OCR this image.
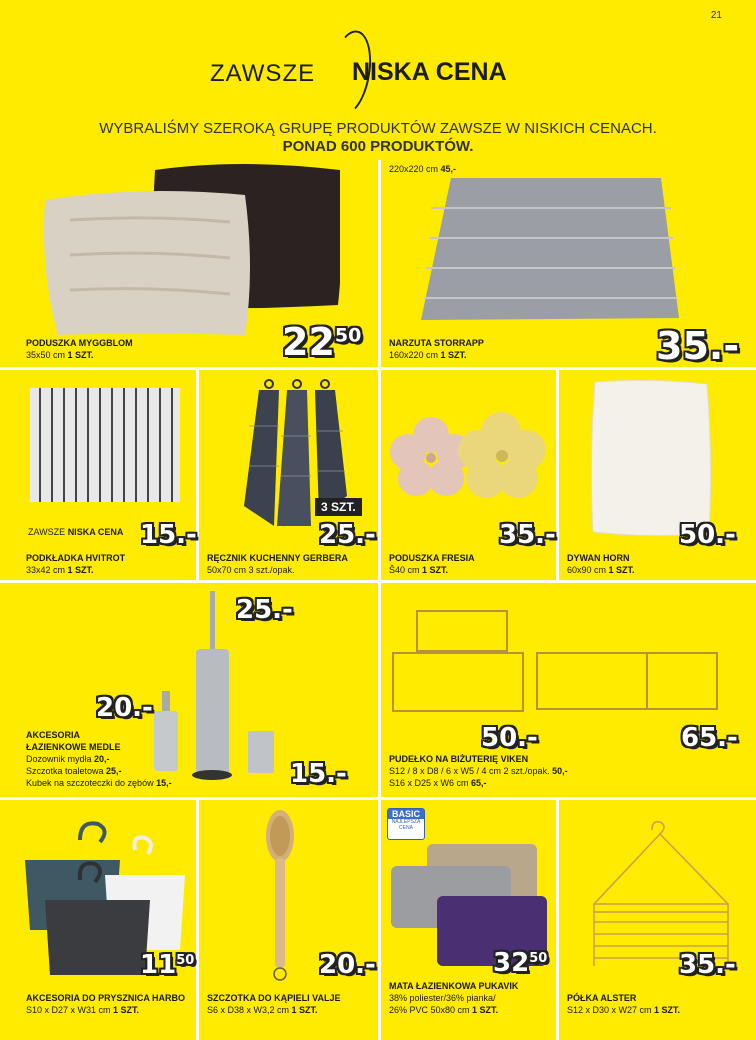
21
ZAWSZE NISKA CENA
WYBRALIŚMY SZEROKĄ GRUPĘ PRODUKTÓW ZAWSZE W NISKICH CENACH.
PONAD 600 PRODUKTÓW.
PODUSZKA MYGGBLOM
35x50 cm 1 SZT.	$22^{50}$
220x220 cm 45,-
NARZUTA STORRAPP
160x220 cm 1 SZT.	35.-
ZAWSZE NISKA CENA 15.-
PODKŁADKA HVITROT
33x42 cm 1 SZT.
3 SZT.
25.-
RĘCZNIK KUCHENNY GERBERA
50x70 cm 3 szt./opak.
35.-
PODUSZKA FRESIA
Š40 cm 1 SZT.
50.-
DYWAN HORN
60x90 cm 1 SZT.
25.-
20.-
15.-
AKCESORIA
ŁAZIENKOWE MEDLE
Dozownik mydła 20,-
Szczotka toaletowa 25,-
Kubek na szczoteczki do zębów 15,-
50.-	65.-
PUDEŁKO NA BIŻUTERIĘ VIKEN
S12 / 8 x D8 / 6 x W5 / 4 cm 2 szt./opak. 50,-
S16 x D25 x W6 cm 65,-
$11^{50}$
AKCESORIA DO PRYSZNICA HARBO
S10 x D27 x W31 cm 1 SZT.
20.-
SZCZOTKA DO KĄPIELI VALJE
S6 x D38 x W3,2 cm 1 SZT.
BASIC
NAJLEPSZA CENA
$32^{50}$
MATA ŁAZIENKOWA PUKAVIK
38% poliester/36% pianka/
26% PVC 50x80 cm 1 SZT.
35.-
PÓŁKA ALSTER
S12 x D30 x W27 cm 1 SZT.
